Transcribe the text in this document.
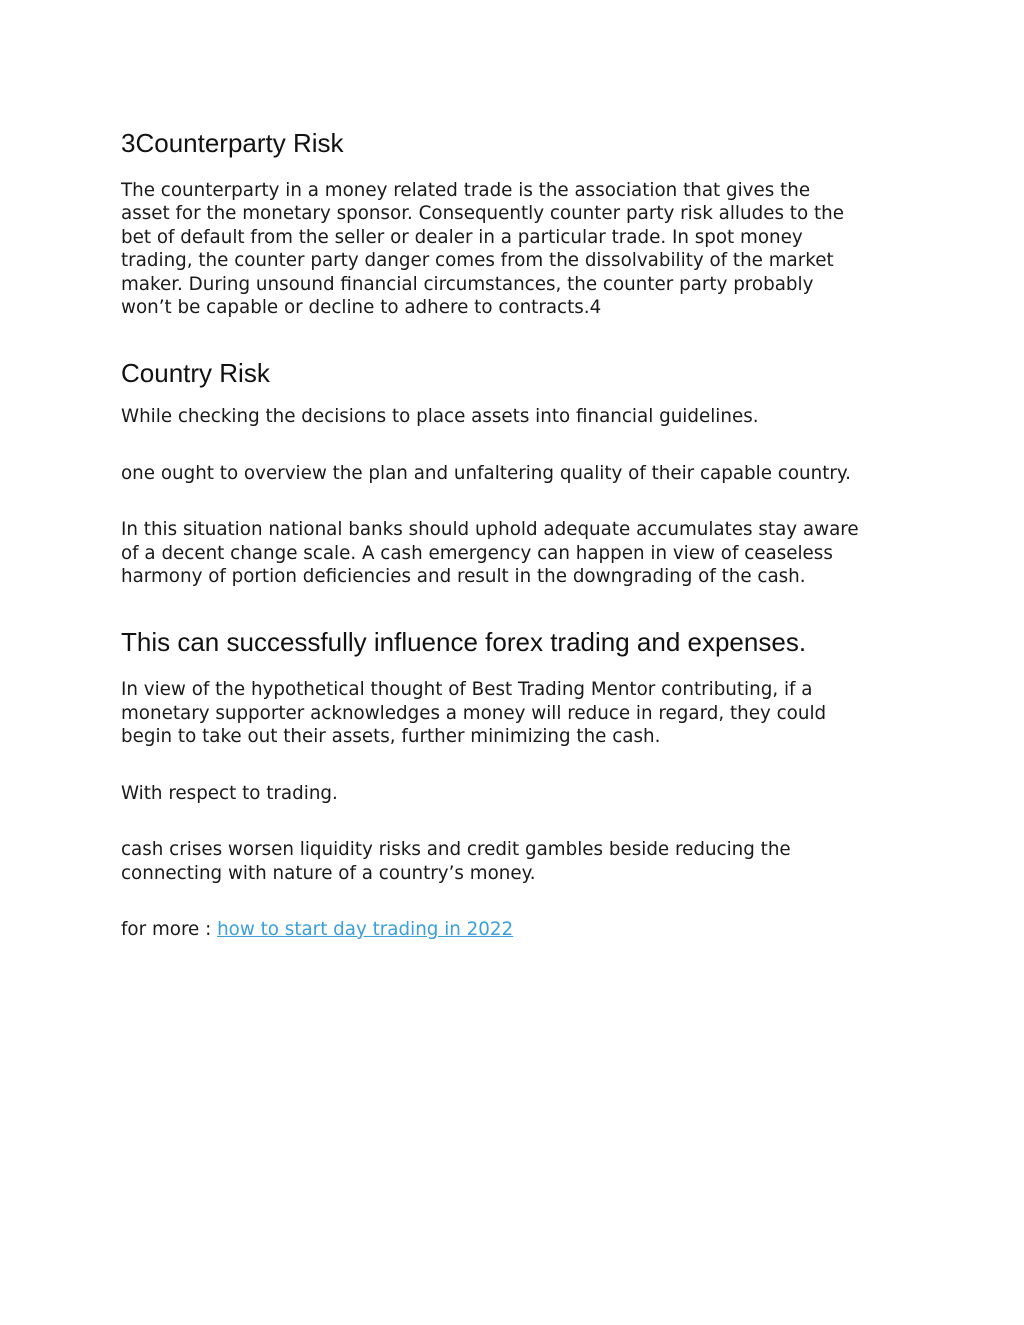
3Counterparty Risk

The counterparty in a money related trade is the association that gives the
asset for the monetary sponsor. Consequently counter party risk alludes to the
bet of default from the seller or dealer in a particular trade. In spot money
trading, the counter party danger comes from the dissolvability of the market
maker. During unsound financial circumstances, the counter party probably
won’t be capable or decline to adhere to contracts.4

Country Risk

While checking the decisions to place assets into financial guidelines.

one ought to overview the plan and unfaltering quality of their capable country.

In this situation national banks should uphold adequate accumulates stay aware
of a decent change scale. A cash emergency can happen in view of ceaseless
harmony of portion deficiencies and result in the downgrading of the cash.

This can successfully influence forex trading and expenses.

In view of the hypothetical thought of Best Trading Mentor contributing, if a
monetary supporter acknowledges a money will reduce in regard, they could
begin to take out their assets, further minimizing the cash.

With respect to trading.

cash crises worsen liquidity risks and credit gambles beside reducing the
connecting with nature of a country’s money.

for more : how to start day trading in 2022
